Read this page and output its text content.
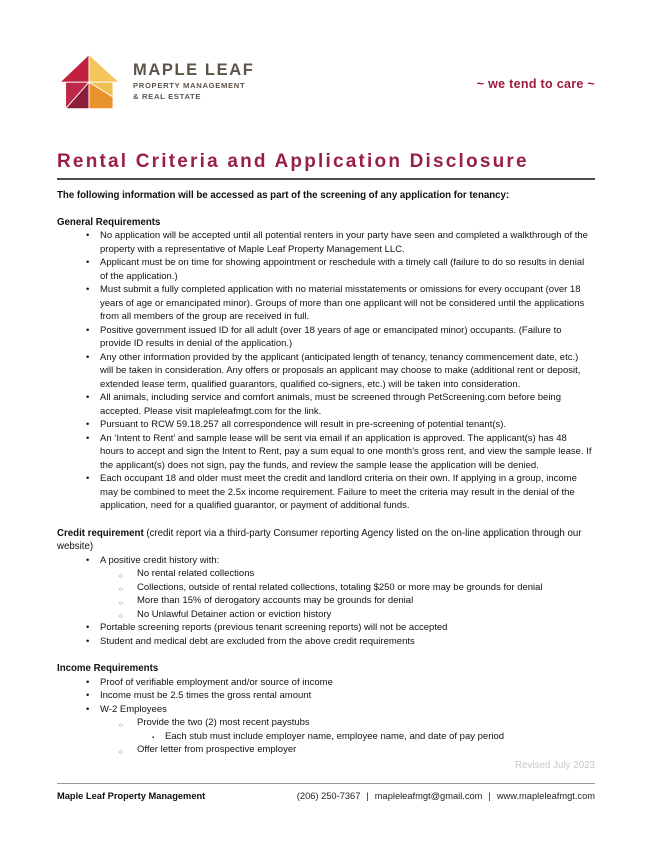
MAPLE LEAF
PROPERTY MANAGEMENT
& REAL ESTATE
~ we tend to care ~
Rental Criteria and Application Disclosure

The following information will be accessed as part of the screening of any application for tenancy:

General Requirements

•	No application will be accepted until all potential renters in your party have seen and completed a walkthrough of the property with a representative of Maple Leaf Property Management LLC.
•	Applicant must be on time for showing appointment or reschedule with a timely call (failure to do so results in denial of the application.)
•	Must submit a fully completed application with no material misstatements or omissions for every occupant (over 18 years of age or emancipated minor). Groups of more than one applicant will not be considered until the applications from all members of the group are received in full.
•	Positive government issued ID for all adult (over 18 years of age or emancipated minor) occupants. (Failure to provide ID results in denial of the application.)
•	Any other information provided by the applicant (anticipated length of tenancy, tenancy commencement date, etc.) will be taken in consideration. Any offers or proposals an applicant may choose to make (additional rent or deposit, extended lease term, qualified guarantors, qualified co-signers, etc.) will be taken into consideration.
•	All animals, including service and comfort animals, must be screened through PetScreening.com before being accepted. Please visit mapleleafmgt.com for the link.
•	Pursuant to RCW 59.18.257 all correspondence will result in pre-screening of potential tenant(s).
•	An ‘Intent to Rent’ and sample lease will be sent via email if an application is approved. The applicant(s) has 48 hours to accept and sign the Intent to Rent, pay a sum equal to one month’s gross rent, and view the sample lease. If the applicant(s) does not sign, pay the funds, and review the sample lease the application will be denied.
•	Each occupant 18 and older must meet the credit and landlord criteria on their own. If applying in a group, income may be combined to meet the 2.5x income requirement. Failure to meet the criteria may result in the denial of the application, need for a qualified guarantor, or payment of additional funds.

Credit requirement (credit report via a third-party Consumer reporting Agency listed on the on-line application through our website)

•	A positive credit history with:
○	No rental related collections
○	Collections, outside of rental related collections, totaling $250 or more may be grounds for denial
○	More than 15% of derogatory accounts may be grounds for denial
○	No Unlawful Detainer action or eviction history
•	Portable screening reports (previous tenant screening reports) will not be accepted
•	Student and medical debt are excluded from the above credit requirements

Income Requirements

•	Proof of verifiable employment and/or source of income
•	Income must be 2.5 times the gross rental amount
•	W-2 Employees
○	Provide the two (2) most recent paystubs
▪	Each stub must include employer name, employee name, and date of pay period
○	Offer letter from prospective employer

Revised July 2023

Maple Leaf Property Management	(206) 250-7367 | mapleleafmgt@gmail.com | www.mapleleafmgt.com
